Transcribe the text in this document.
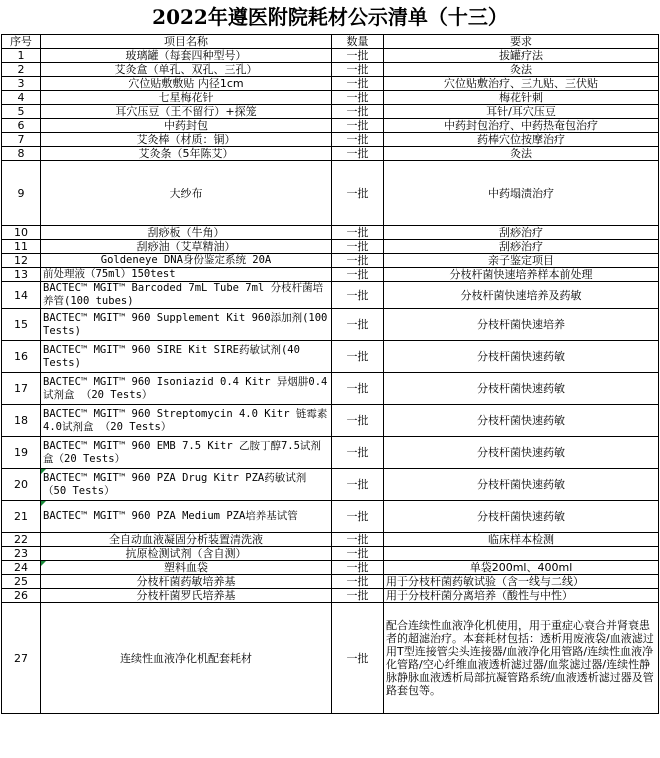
2022年遵医附院耗材公示清单（十三）
序号	项目名称	数量	要求
1	玻璃罐（每套四种型号）	一批	拔罐疗法
2	艾灸盒（单孔、双孔、三孔）	一批	灸法
3	穴位贴敷敷贴 内径1cm	一批	穴位贴敷治疗、三九贴、三伏贴
4	七星梅花针	一批	梅花针刺
5	耳穴压豆（王不留行）+探笼	一批	耳针/耳穴压豆
6	中药封包	一批	中药封包治疗、中药热奄包治疗
7	艾灸棒（材质：铜）	一批	药棒穴位按摩治疗
8	艾灸条（5年陈艾）	一批	灸法
9	大纱布	一批	中药塌渍治疗
10	刮痧板（牛角）	一批	刮痧治疗
11	刮痧油（艾草精油）	一批	刮痧治疗
12	Goldeneye DNA身份鉴定系统 20A	一批	亲子鉴定项目
13	前处理液（75ml）150test	一批	分枝杆菌快速培养样本前处理
14	BACTEC™ MGIT™ Barcoded 7mL Tube 7ml 分枝杆菌培养管(100 tubes)	一批	分枝杆菌快速培养及药敏
15	BACTEC™ MGIT™ 960 Supplement Kit 960添加剂(100 Tests)	一批	分枝杆菌快速培养
16	BACTEC™ MGIT™ 960 SIRE Kit SIRE药敏试剂(40 Tests)	一批	分枝杆菌快速药敏
17	BACTEC™ MGIT™ 960 Isoniazid 0.4 Kitr 异烟肼0.4试剂盒 （20 Tests）	一批	分枝杆菌快速药敏
18	BACTEC™ MGIT™ 960 Streptomycin 4.0 Kitr 链霉素4.0试剂盒 （20 Tests）	一批	分枝杆菌快速药敏
19	BACTEC™ MGIT™ 960 EMB 7.5 Kitr 乙胺丁醇7.5试剂盒（20 Tests）	一批	分枝杆菌快速药敏
20	BACTEC™ MGIT™ 960 PZA Drug Kitr PZA药敏试剂 （50 Tests）	一批	分枝杆菌快速药敏
21	BACTEC™ MGIT™ 960 PZA Medium PZA培养基试管	一批	分枝杆菌快速药敏
22	全自动血液凝固分析装置清洗液	一批	临床样本检测
23	抗原检测试剂（含自测）	一批	
24	塑料血袋	一批	单袋200ml、400ml
25	分枝杆菌药敏培养基	一批	用于分枝杆菌药敏试验（含一线与二线）
26	分枝杆菌罗氏培养基	一批	用于分枝杆菌分离培养（酸性与中性）
27	连续性血液净化机配套耗材	一批	配合连续性血液净化机使用，用于重症心衰合并肾衰患者的超滤治疗。本套耗材包括：透析用废液袋/血液滤过用T型连接管尖头连接器/血液净化用管路/连续性血液净化管路/空心纤维血液透析滤过器/血浆滤过器/连续性静脉静脉血液透析局部抗凝管路系统/血液透析滤过器及管路套包等。
